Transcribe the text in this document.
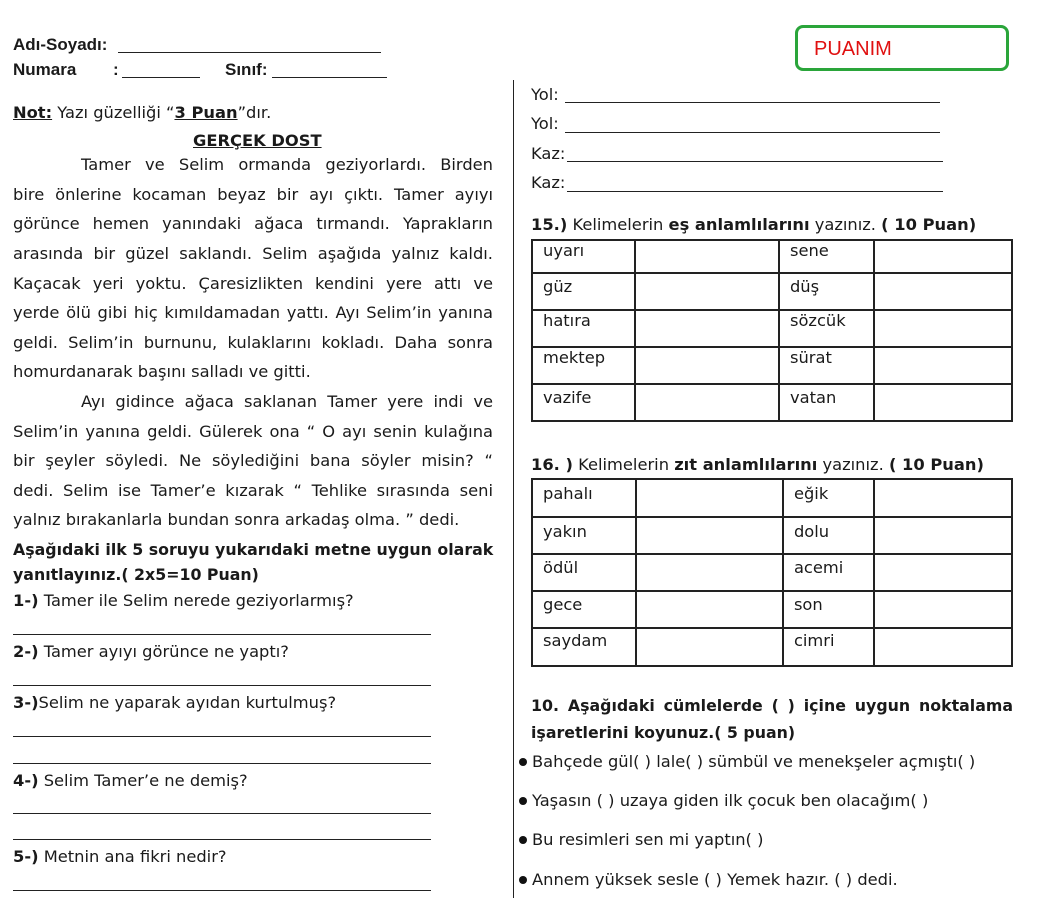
Adı-Soyadı:
Numara :	Sınıf:
PUANIM
Not: Yazı güzelliği “3 Puan”dır.
GERÇEK DOST
Tamer ve Selim ormanda geziyorlardı. Birden
bire önlerine kocaman beyaz bir ayı çıktı. Tamer ayıyı
görünce hemen yanındaki ağaca tırmandı. Yaprakların
arasında bir güzel saklandı. Selim aşağıda yalnız kaldı.
Kaçacak yeri yoktu. Çaresizlikten kendini yere attı ve
yerde ölü gibi hiç kımıldamadan yattı. Ayı Selim’in yanına
geldi. Selim’in burnunu, kulaklarını kokladı. Daha sonra
homurdanarak başını salladı ve gitti.
Ayı gidince ağaca saklanan Tamer yere indi ve
Selim’in yanına geldi. Gülerek ona “ O ayı senin kulağına
bir şeyler söyledi. Ne söylediğini bana söyler misin? “
dedi. Selim ise Tamer’e kızarak “ Tehlike sırasında seni
yalnız bırakanlarla bundan sonra arkadaş olma. ” dedi.
Aşağıdaki ilk 5 soruyu yukarıdaki metne uygun olarak
yanıtlayınız.( 2x5=10 Puan)
1-) Tamer ile Selim nerede geziyorlarmış?
2-) Tamer ayıyı görünce ne yaptı?
3-)Selim ne yaparak ayıdan kurtulmuş?
4-) Selim Tamer’e ne demiş?
5-) Metnin ana fikri nedir?
Yol:
Yol:
Kaz:
Kaz:
15.) Kelimelerin eş anlamlılarını yazınız. ( 10 Puan)
uyarı		sene	
güz		düş	
hatıra		sözcük	
mektep		sürat	
vazife		vatan	
16. ) Kelimelerin zıt anlamlılarını yazınız. ( 10 Puan)
pahalı		eğik	
yakın		dolu	
ödül		acemi	
gece		son	
saydam		cimri	
10. Aşağıdaki cümlelerde ( ) içine uygun noktalama
işaretlerini koyunuz.( 5 puan)
Bahçede gül( ) lale( ) sümbül ve menekşeler açmıştı( )
Yaşasın ( ) uzaya giden ilk çocuk ben olacağım( )
Bu resimleri sen mi yaptın( )
Annem yüksek sesle ( ) Yemek hazır. ( ) dedi.
